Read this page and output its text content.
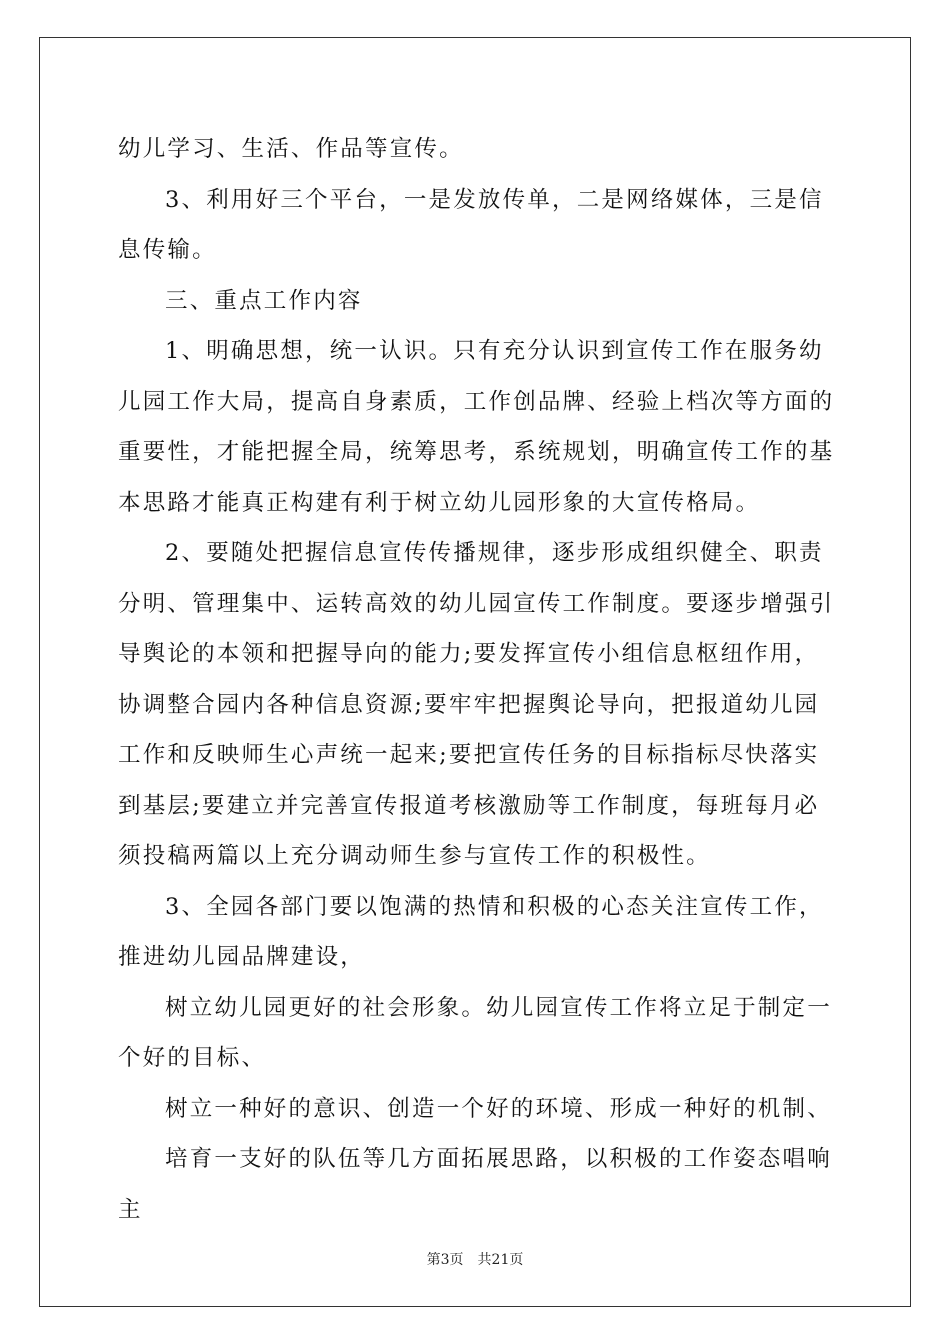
幼儿学习、生活、作品等宣传。

3、利用好三个平台，一是发放传单，二是网络媒体，三是信息传输。

三、重点工作内容

1、明确思想，统一认识。只有充分认识到宣传工作在服务幼儿园工作大局，提高自身素质，工作创品牌、经验上档次等方面的重要性，才能把握全局，统筹思考，系统规划，明确宣传工作的基本思路才能真正构建有利于树立幼儿园形象的大宣传格局。

2、要随处把握信息宣传传播规律，逐步形成组织健全、职责分明、管理集中、运转高效的幼儿园宣传工作制度。要逐步增强引导舆论的本领和把握导向的能力;要发挥宣传小组信息枢纽作用，协调整合园内各种信息资源;要牢牢把握舆论导向，把报道幼儿园工作和反映师生心声统一起来;要把宣传任务的目标指标尽快落实到基层;要建立并完善宣传报道考核激励等工作制度，每班每月必须投稿两篇以上充分调动师生参与宣传工作的积极性。

3、全园各部门要以饱满的热情和积极的心态关注宣传工作，推进幼儿园品牌建设，

树立幼儿园更好的社会形象。幼儿园宣传工作将立足于制定一个好的目标、

树立一种好的意识、创造一个好的环境、形成一种好的机制、

培育一支好的队伍等几方面拓展思路，以积极的工作姿态唱响主

第3页 共21页
